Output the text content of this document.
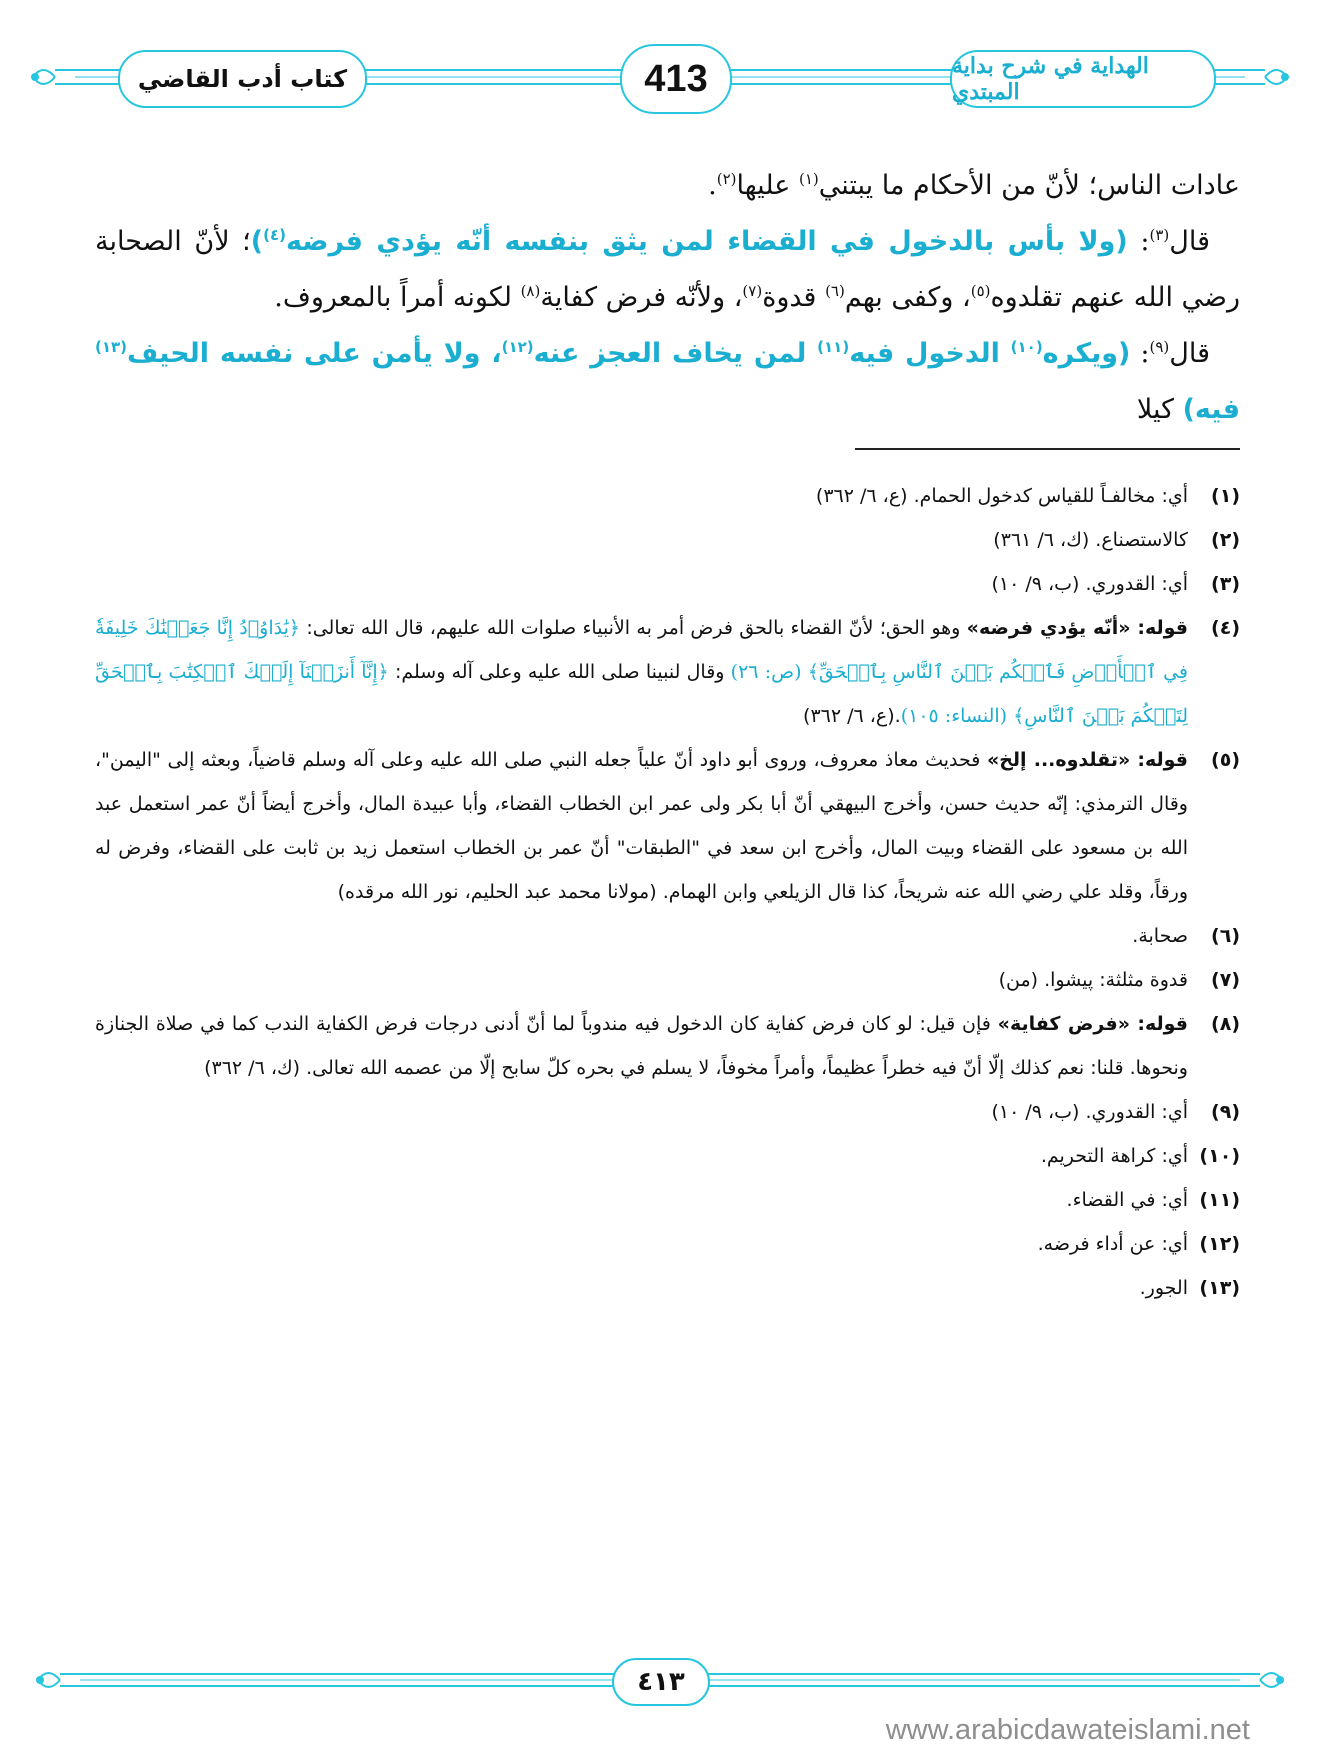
كتاب أدب القاضي	413	الهداية في شرح بداية المبتدي

عادات الناس؛ لأنّ من الأحكام ما يبتني$^{(١)}$ عليها$^{(٢)}$.

قال$^{(٣)}$: (ولا بأس بالدخول في القضاء لمن يثق بنفسه أنّه يؤدي فرضه$^{(٤)}$)؛ لأنّ الصحابة رضي الله عنهم تقلدوه$^{(٥)}$، وكفى بهم$^{(٦)}$ قدوة$^{(٧)}$، ولأنّه فرض كفاية$^{(٨)}$ لكونه أمراً بالمعروف.

قال$^{(٩)}$: (ويكره$^{(١٠)}$ الدخول فيه$^{(١١)}$ لمن يخاف العجز عنه$^{(١٢)}$، ولا يأمن على نفسه الحيف$^{(١٣)}$ فيه) كيلا

(١)
أي: مخالفـاً للقياس كدخول الحمام. (ع، ٦/ ٣٦٢)

(٢)
كالاستصناع. (ك، ٦/ ٣٦١)

(٣)
أي: القدوري. (ب، ٩/ ١٠)

(٤)
قوله: «أنّه يؤدي فرضه» وهو الحق؛ لأنّ القضاء بالحق فرض أمر به الأنبياء صلوات الله عليهم، قال الله تعالى: ﴿يَٰدَاوُۥدُ إِنَّا جَعَلۡنَٰكَ خَلِيفَةٗ فِي ٱلۡأَرۡضِ فَٱحۡكُم بَيۡنَ ٱلنَّاسِ بِٱلۡحَقِّ﴾ (ص: ٢٦) وقال لنبينا صلى الله عليه وعلى آله وسلم: ﴿إِنَّآ أَنزَلۡنَآ إِلَيۡكَ ٱلۡكِتَٰبَ بِٱلۡحَقِّ لِتَحۡكُمَ بَيۡنَ ٱلنَّاسِ﴾ (النساء: ١٠٥).(ع، ٦/ ٣٦٢)

(٥)
قوله: «تقلدوه... إلخ» فحديث معاذ معروف، وروى أبو داود أنّ علياً جعله النبي صلى الله عليه وعلى آله وسلم قاضياً، وبعثه إلى "اليمن"، وقال الترمذي: إنّه حديث حسن، وأخرج البيهقي أنّ أبا بكر ولى عمر ابن الخطاب القضاء، وأبا عبيدة المال، وأخرج أيضاً أنّ عمر استعمل عبد الله بن مسعود على القضاء وبيت المال، وأخرج ابن سعد في "الطبقات" أنّ عمر بن الخطاب استعمل زيد بن ثابت على القضاء، وفرض له ورقاً، وقلد علي رضي الله عنه شريحاً، كذا قال الزيلعي وابن الهمام. (مولانا محمد عبد الحليم، نور الله مرقده)

(٦)
صحابة.

(٧)
قدوة مثلثة: پيشوا. (من)

(٨)
قوله: «فرض كفاية» فإن قيل: لو كان فرض كفاية كان الدخول فيه مندوباً لما أنّ أدنى درجات فرض الكفاية الندب كما في صلاة الجنازة ونحوها. قلنا: نعم كذلك إلّا أنّ فيه خطراً عظيماً، وأمراً مخوفاً، لا يسلم في بحره كلّ سابح إلّا من عصمه الله تعالى. (ك، ٦/ ٣٦٢)

(٩)
أي: القدوري. (ب، ٩/ ١٠)

(١٠)
أي: كراهة التحريم.

(١١)
أي: في القضاء.

(١٢)
أي: عن أداء فرضه.

(١٣)
الجور.

٤١٣
www.arabicdawateislami.net
